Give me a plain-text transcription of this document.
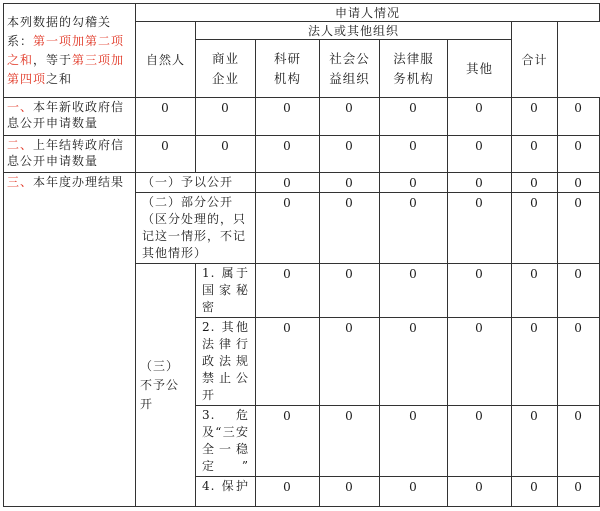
本列数据的勾稽关系：第一项加第二项之和，等于第三项加第四项之和	申请人情况							
	自然人	法人或其他组织					合计	

		商业企业	科研机构	社会公益组织	法律服务机构	其他		
一、本年新收政府信息公开申请数量	0	0	0	0	0	0	0	0
二、上年结转政府信息公开申请数量	0	0	0	0	0	0	0	0
三、本年度办理结果	（一）予以公开		0	0	0	0	0	0
	（二）部分公开（区分处理的，只记这一情形，不记其他情形）		0	0	0	0	0	0
	（三）不予公开	1. 属于国家秘密	0	0	0	0	0	0
		2. 其他法律行政法规禁止公开	0	0	0	0	0	0
		3. 危及“三安全一稳定”	0	0	0	0	0	0
		4. 保护	0	0	0	0	0	0
